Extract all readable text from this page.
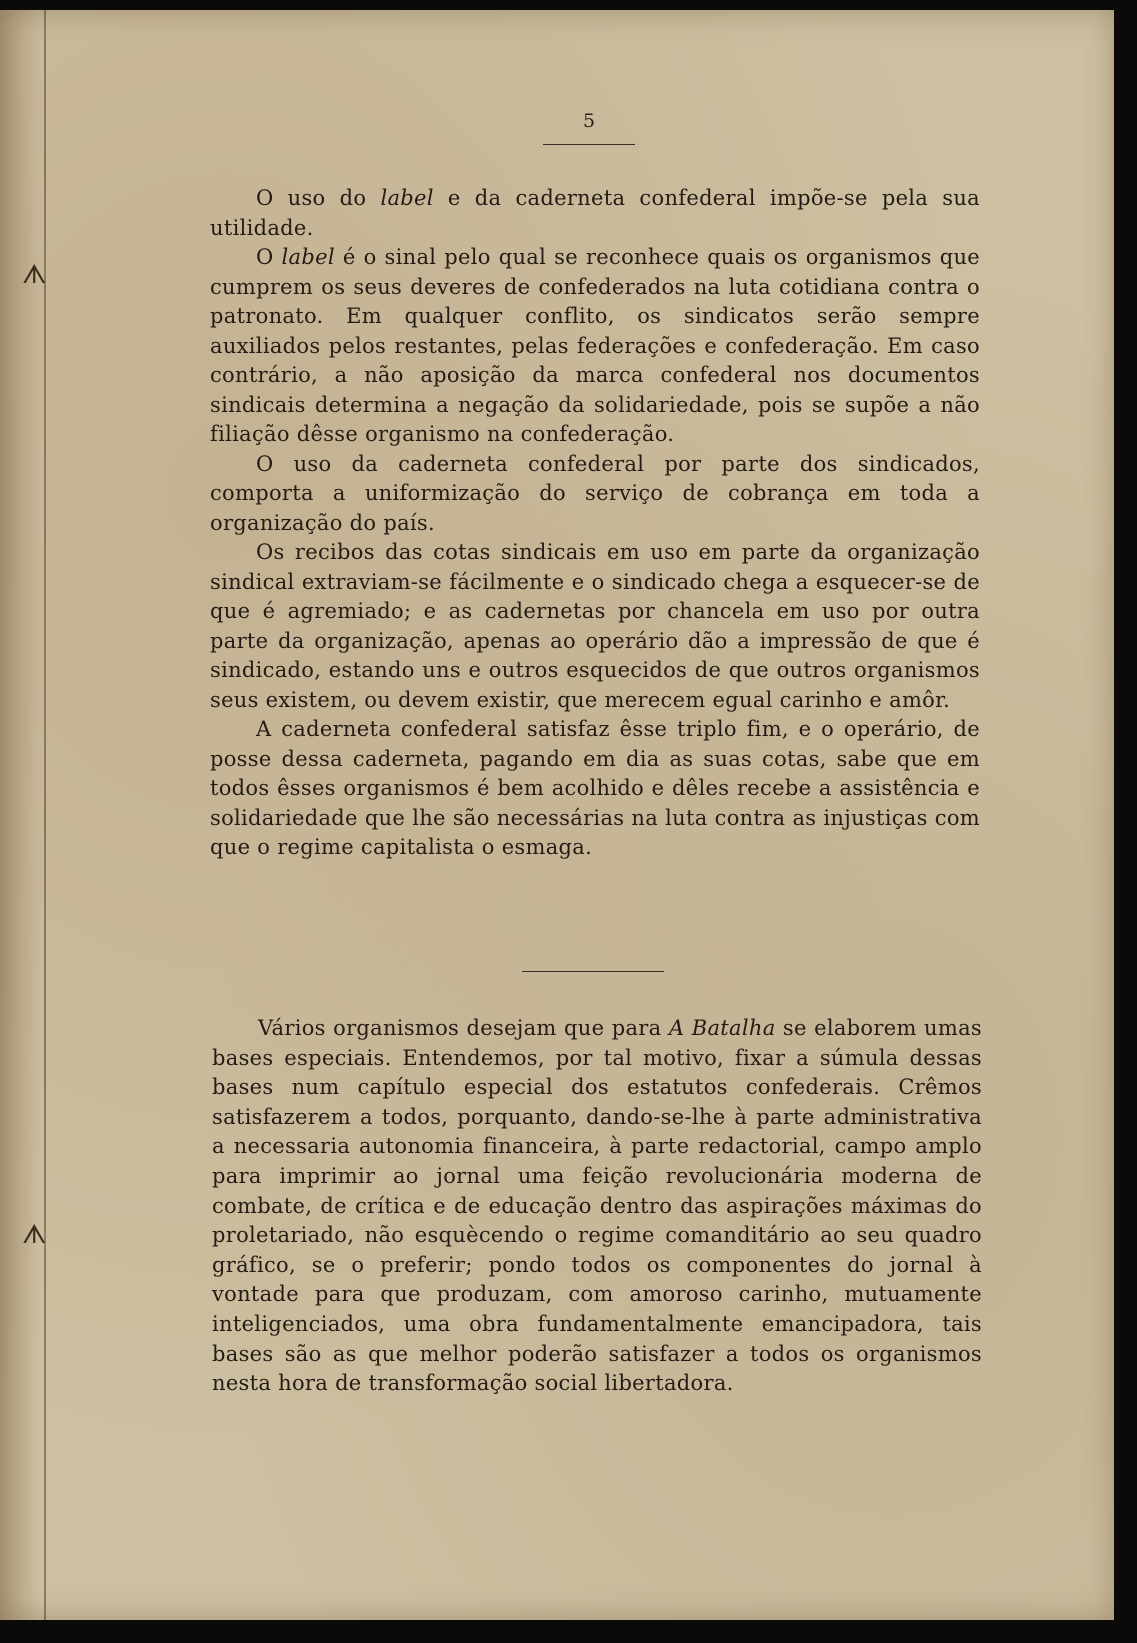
ᗑ
ᗑ
5

O uso do label e da caderneta confederal impõe-se pela sua utilidade.

O label é o sinal pelo qual se reconhece quais os organismos que cumprem os seus deveres de confederados na luta cotidiana contra o patronato. Em qualquer conflito, os sindicatos serão sempre auxiliados pelos restantes, pelas federações e confederação. Em caso contrário, a não aposição da marca confederal nos documentos sindicais determina a negação da solidariedade, pois se supõe a não filiação dêsse organismo na confederação.

O uso da caderneta confederal por parte dos sindicados, comporta a uniformização do serviço de cobrança em toda a organização do país.

Os recibos das cotas sindicais em uso em parte da organização sindical extraviam-se fácilmente e o sindicado chega a esquecer-se de que é agremiado; e as cadernetas por chancela em uso por outra parte da organização, apenas ao operário dão a impressão de que é sindicado, estando uns e outros esquecidos de que outros organismos seus existem, ou devem existir, que merecem egual carinho e amôr.

A caderneta confederal satisfaz êsse triplo fim, e o operário, de posse dessa caderneta, pagando em dia as suas cotas, sabe que em todos êsses organismos é bem acolhido e dêles recebe a assistência e solidariedade que lhe são necessárias na luta contra as injustiças com que o regime capitalista o esmaga.

Vários organismos desejam que para A Batalha se elaborem umas bases especiais. Entendemos, por tal motivo, fixar a súmula dessas bases num capítulo especial dos estatutos confederais. Crêmos satisfazerem a todos, porquanto, dando-se-lhe à parte administrativa a necessaria autonomia financeira, à parte redactorial, campo amplo para imprimir ao jornal uma feição revolucionária moderna de combate, de crítica e de educação dentro das aspirações máximas do proletariado, não esquècendo o regime comanditário ao seu quadro gráfico, se o preferir; pondo todos os componentes do jornal à vontade para que produzam, com amoroso carinho, mutuamente inteligenciados, uma obra fundamentalmente emancipadora, tais bases são as que melhor poderão satisfazer a todos os organismos nesta hora de transformação social libertadora.
